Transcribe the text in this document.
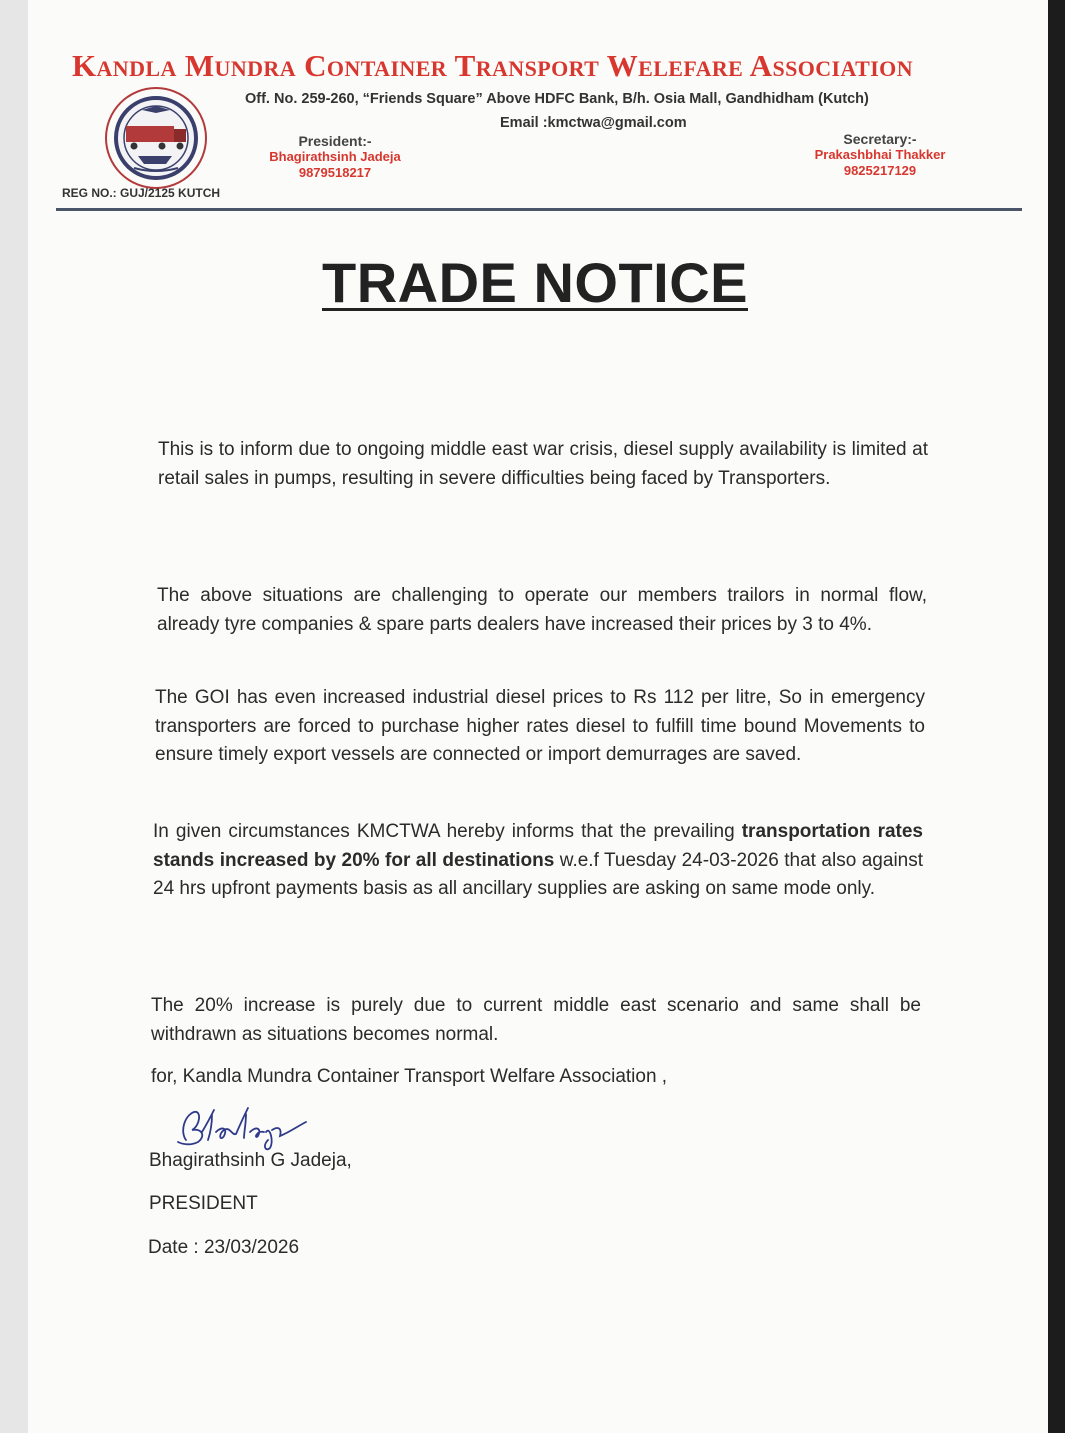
Kandla Mundra Container Transport Welefare Association
Off. No. 259-260, “Friends Square” Above HDFC Bank, B/h. Osia Mall, Gandhidham (Kutch)
Email :kmctwa@gmail.com
President:-
Bhagirathsinh Jadeja
9879518217
Secretary:-
Prakashbhai Thakker
9825217129
REG NO.: GUJ/2125 KUTCH
TRADE NOTICE

This is to inform due to ongoing middle east war crisis, diesel supply availability is limited at retail sales in pumps, resulting in severe difficulties being faced by Transporters.

The above situations are challenging to operate our members trailors in normal flow, already tyre companies & spare parts dealers have increased their prices by 3 to 4%.

The GOI has even increased industrial diesel prices to Rs 112 per litre, So in emergency transporters are forced to purchase higher rates diesel to fulfill time bound Movements to ensure timely export vessels are connected or import demurrages are saved.

In given circumstances KMCTWA hereby informs that the prevailing transportation rates stands increased by 20% for all destinations w.e.f Tuesday 24-03-2026 that also against 24 hrs upfront payments basis as all ancillary supplies are asking on same mode only.

The 20% increase is purely due to current middle east scenario and same shall be withdrawn as situations becomes normal.

for, Kandla Mundra Container Transport Welfare Association ,
Bhagirathsinh G Jadeja,
PRESIDENT
Date : 23/03/2026
